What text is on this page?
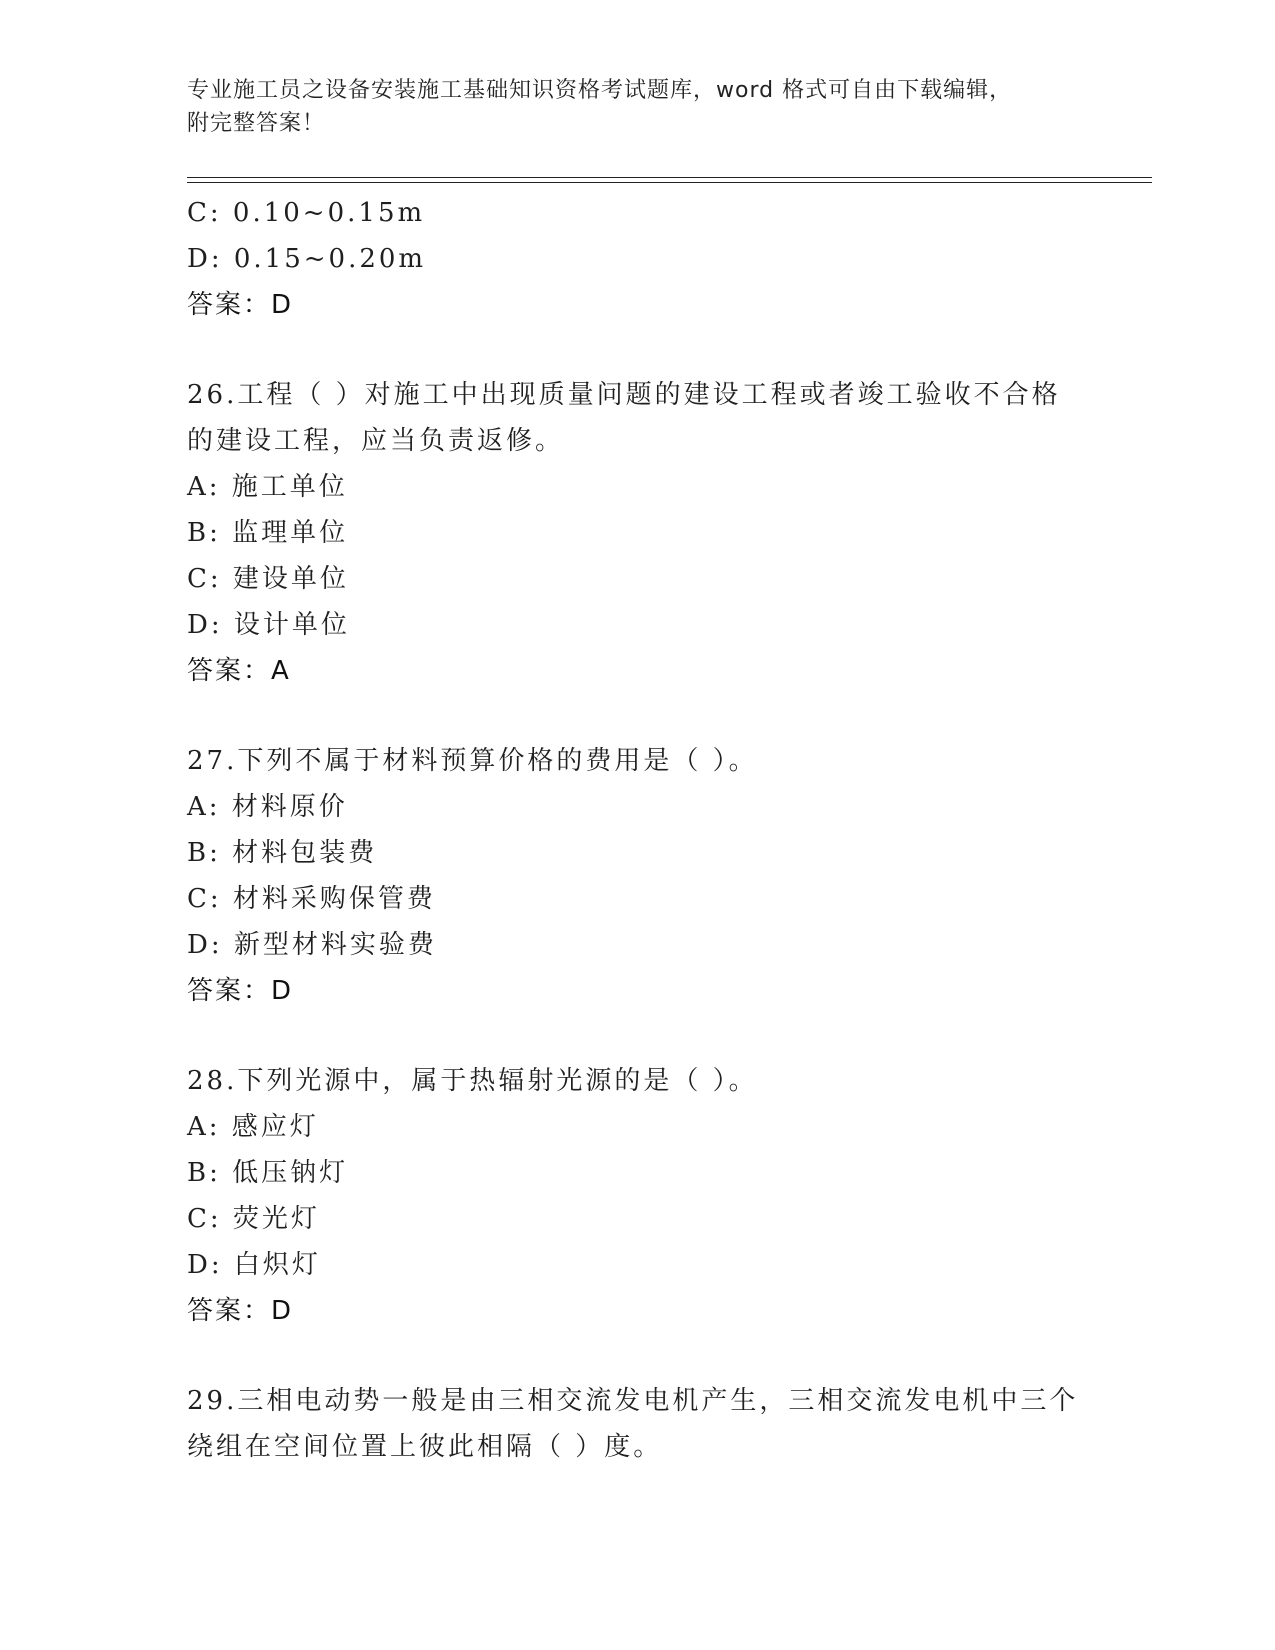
专业施工员之设备安装施工基础知识资格考试题库，word 格式可自由下载编辑，
附完整答案！
C: 0.10~0.15m
D: 0.15~0.20m
答案：D
26.工程（ ）对施工中出现质量问题的建设工程或者竣工验收不合格
的建设工程，应当负责返修。
A: 施工单位
B: 监理单位
C: 建设单位
D: 设计单位
答案：A
27.下列不属于材料预算价格的费用是（ ）。
A: 材料原价
B: 材料包装费
C: 材料采购保管费
D: 新型材料实验费
答案：D
28.下列光源中，属于热辐射光源的是（ ）。
A: 感应灯
B: 低压钠灯
C: 荧光灯
D: 白炽灯
答案：D
29.三相电动势一般是由三相交流发电机产生，三相交流发电机中三个
绕组在空间位置上彼此相隔（ ）度。
